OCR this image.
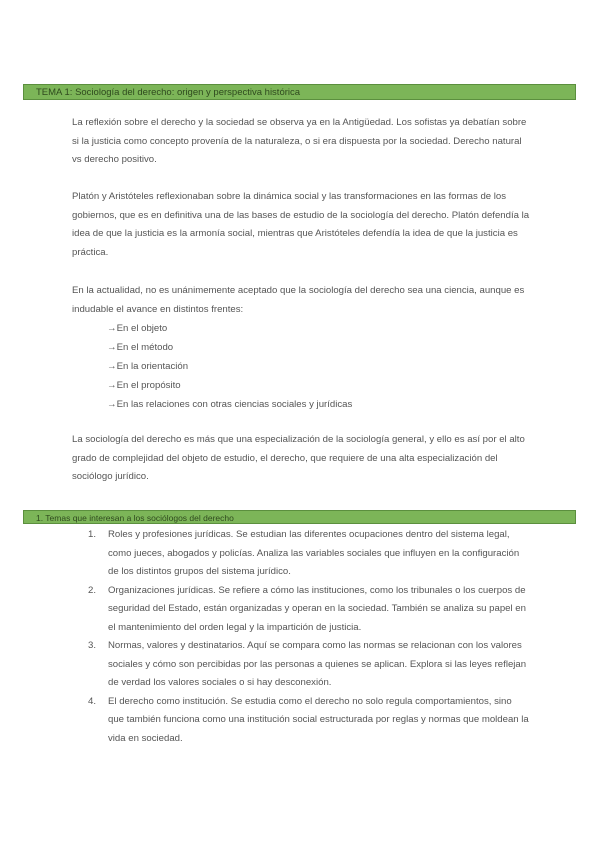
TEMA 1: Sociología del derecho: origen y perspectiva histórica

La reflexión sobre el derecho y la sociedad se observa ya en la Antigüedad. Los sofistas ya debatían sobre si la justicia como concepto provenía de la naturaleza, o si era dispuesta por la sociedad. Derecho natural vs derecho positivo.

Platón y Aristóteles reflexionaban sobre la dinámica social y las transformaciones en las formas de los gobiernos, que es en definitiva una de las bases de estudio de la sociología del derecho. Platón defendía la idea de que la justicia es la armonía social, mientras que Aristóteles defendía la idea de que la justicia es práctica.

En la actualidad, no es unánimemente aceptado que la sociología del derecho sea una ciencia, aunque es indudable el avance en distintos frentes:

→En el objeto
→En el método
→En la orientación
→En el propósito
→En las relaciones con otras ciencias sociales y jurídicas

La sociología del derecho es más que una especialización de la sociología general, y ello es así por el alto grado de complejidad del objeto de estudio, el derecho, que requiere de una alta especialización del sociólogo jurídico.

1. Temas que interesan a los sociólogos del derecho
1.	Roles y profesiones jurídicas. Se estudian las diferentes ocupaciones dentro del sistema legal, como jueces, abogados y policías. Analiza las variables sociales que influyen en la configuración de los distintos grupos del sistema jurídico.
2.	Organizaciones jurídicas. Se refiere a cómo las instituciones, como los tribunales o los cuerpos de seguridad del Estado, están organizadas y operan en la sociedad. También se analiza su papel en el mantenimiento del orden legal y la impartición de justicia.
3.	Normas, valores y destinatarios. Aquí se compara como las normas se relacionan con los valores sociales y cómo son percibidas por las personas a quienes se aplican. Explora si las leyes reflejan de verdad los valores sociales o si hay desconexión.
4.	El derecho como institución. Se estudia como el derecho no solo regula comportamientos, sino que también funciona como una institución social estructurada por reglas y normas que moldean la vida en sociedad.
